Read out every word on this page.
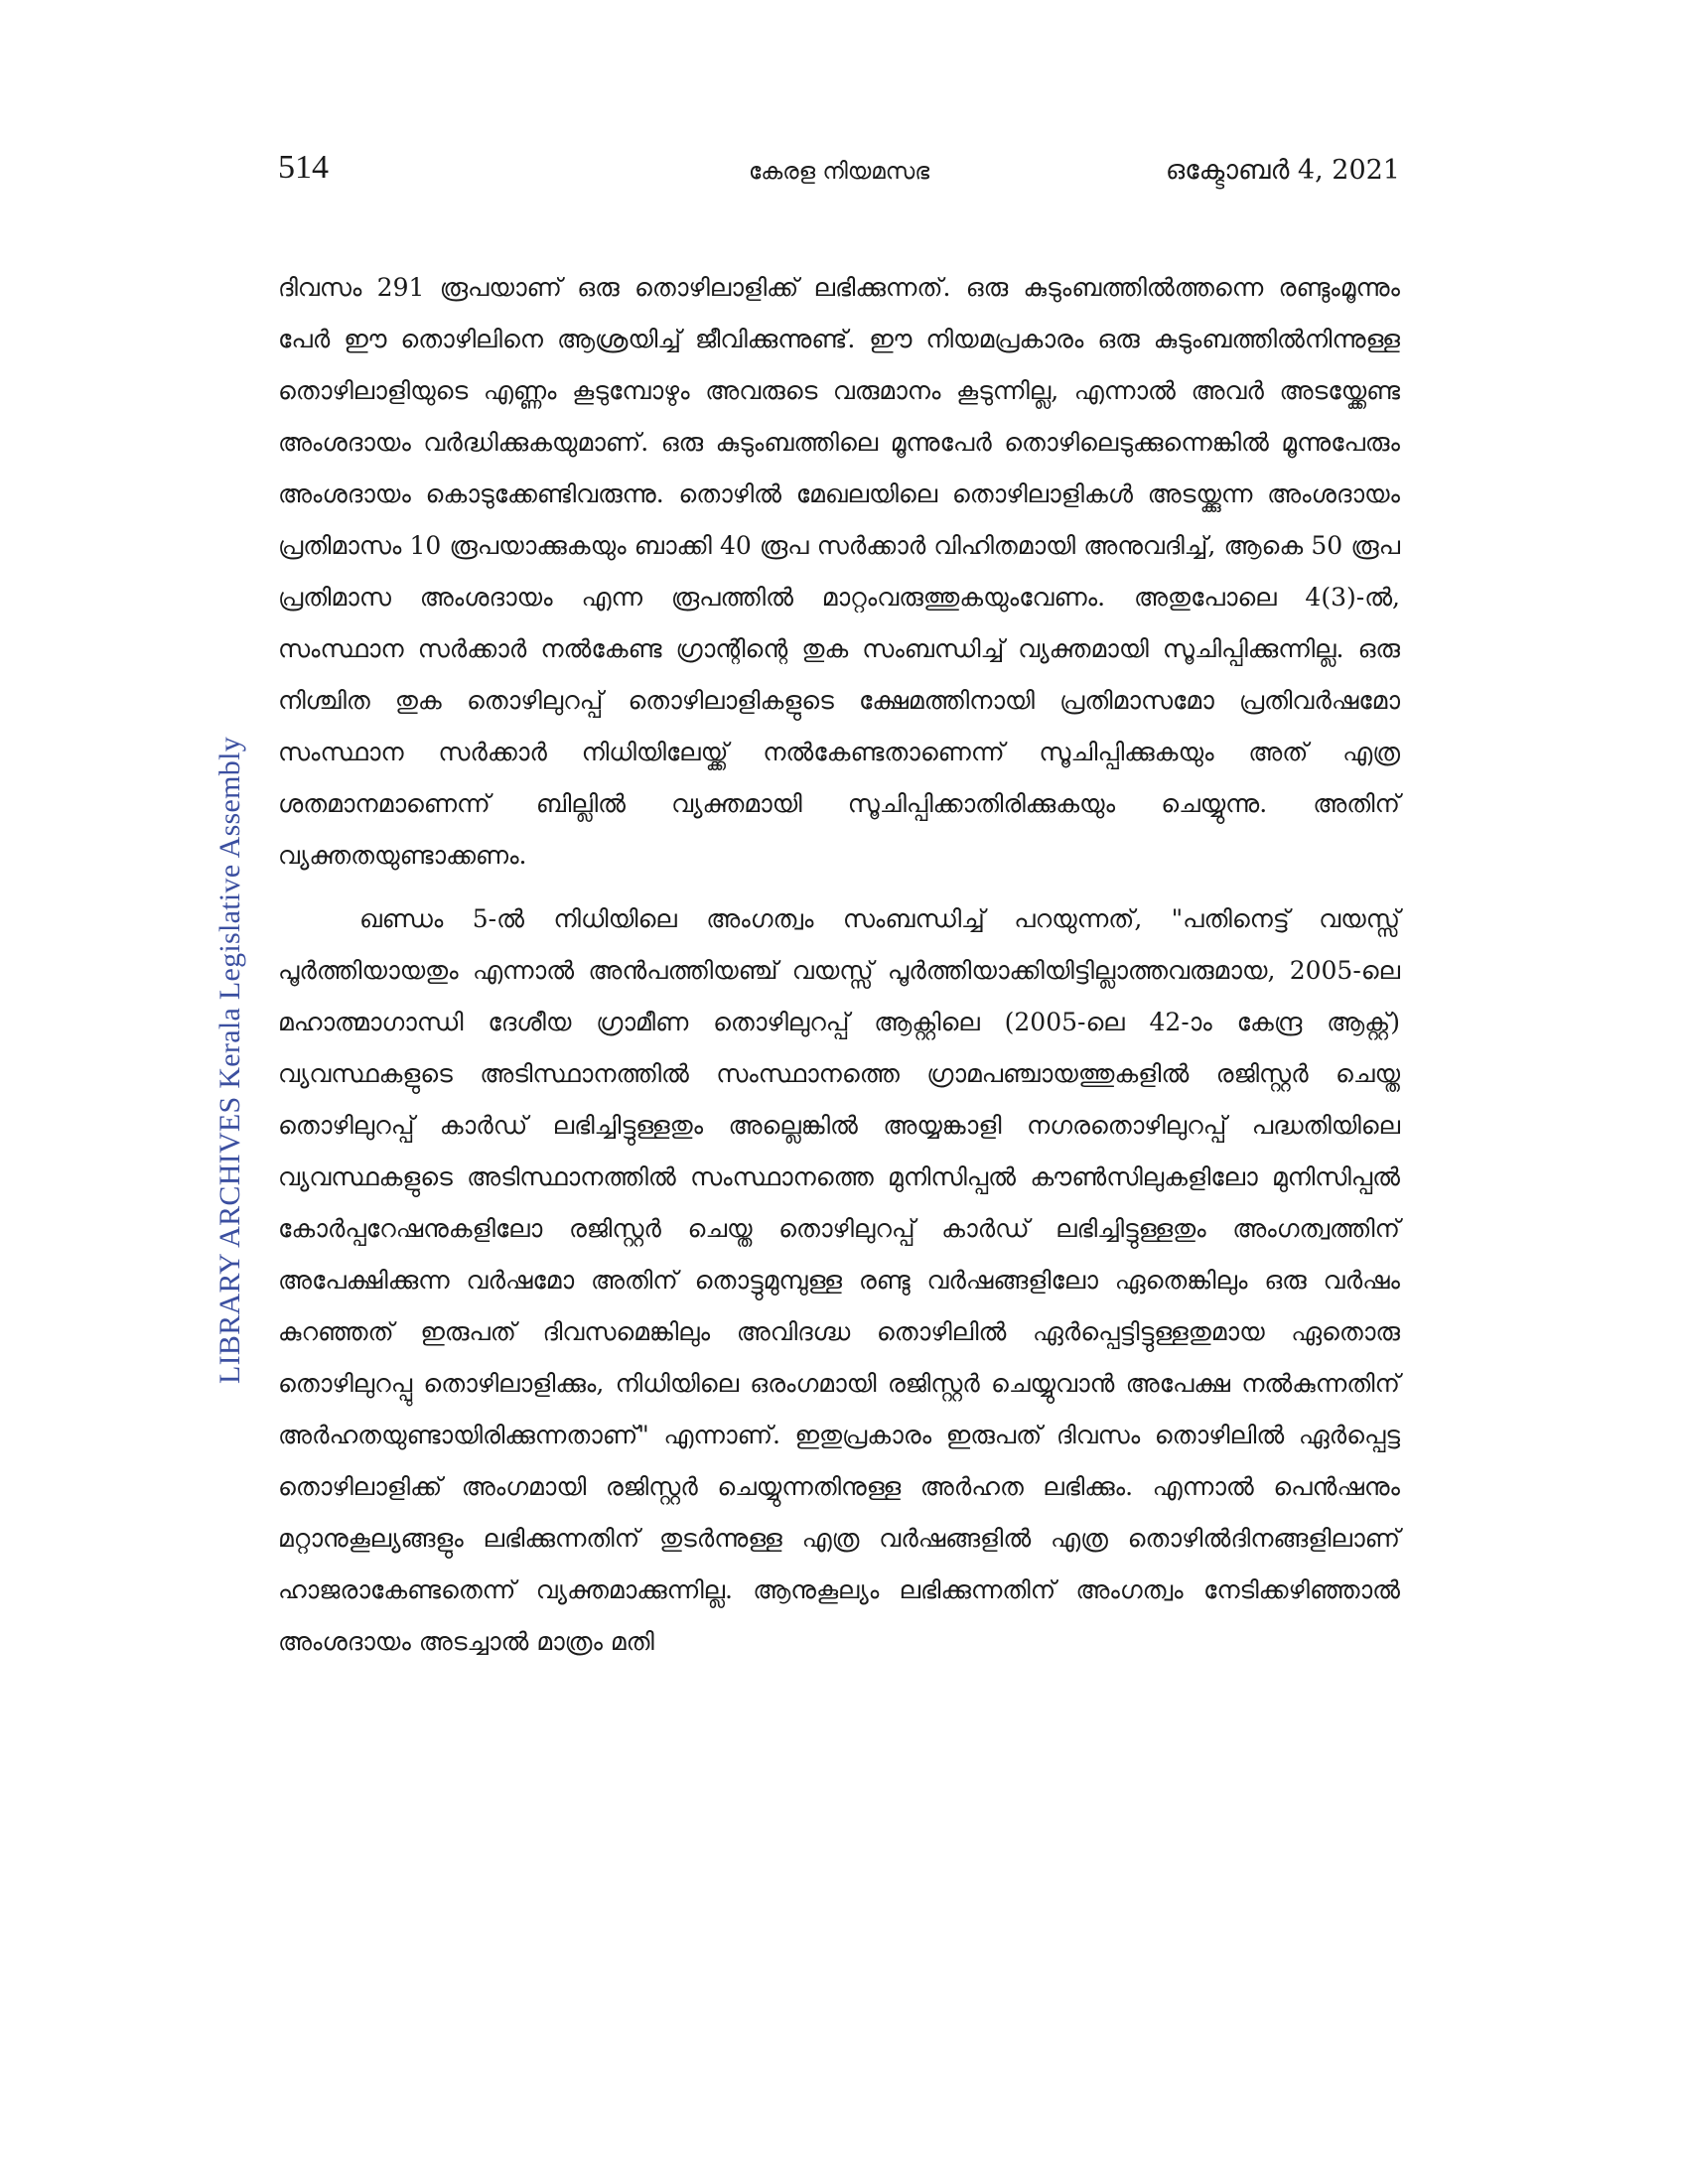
514	കേരള നിയമസഭ	ഒക്ടോബർ 4, 2021
LIBRARY ARCHIVES Kerala Legislative Assembly

ദിവസം 291 രൂപയാണ് ഒരു തൊഴിലാളിക്ക് ലഭിക്കുന്നത്. ഒരു കുടുംബത്തിൽത്തന്നെ രണ്ടുംമൂന്നും പേർ ഈ തൊഴിലിനെ ആശ്രയിച്ച് ജീവിക്കുന്നുണ്ട്. ഈ നിയമപ്രകാരം ഒരു കുടുംബത്തിൽനിന്നുള്ള തൊഴിലാളിയുടെ എണ്ണം കൂടുമ്പോഴും അവരുടെ വരുമാനം കൂടുന്നില്ല, എന്നാൽ അവർ അടയ്ക്കേണ്ട അംശദായം വർദ്ധിക്കുകയുമാണ്. ഒരു കുടുംബത്തിലെ മൂന്നുപേർ തൊഴിലെടുക്കുന്നെങ്കിൽ മൂന്നുപേരും അംശദായം കൊടുക്കേണ്ടിവരുന്നു. തൊഴിൽ മേഖലയിലെ തൊഴിലാളികൾ അടയ്ക്കുന്ന അംശദായം പ്രതിമാസം 10 രൂപയാക്കുകയും ബാക്കി 40 രൂപ സർക്കാർ വിഹിതമായി അനുവദിച്ച്, ആകെ 50 രൂപ പ്രതിമാസ അംശദായം എന്ന രൂപത്തിൽ മാറ്റംവരുത്തുകയുംവേണം. അതുപോലെ 4(3)-ൽ, സംസ്ഥാന സർക്കാർ നൽകേണ്ട ഗ്രാന്റിന്റെ തുക സംബന്ധിച്ച് വ്യക്തമായി സൂചിപ്പിക്കുന്നില്ല. ഒരു നിശ്ചിത തുക തൊഴിലുറപ്പ് തൊഴിലാളികളുടെ ക്ഷേമത്തിനായി പ്രതിമാസമോ പ്രതിവർഷമോ സംസ്ഥാന സർക്കാർ നിധിയിലേയ്ക്ക് നൽകേണ്ടതാണെന്ന് സൂചിപ്പിക്കുകയും അത് എത്ര ശതമാനമാണെന്ന് ബില്ലിൽ വ്യക്തമായി സൂചിപ്പിക്കാതിരിക്കുകയും ചെയ്യുന്നു. അതിന് വ്യക്തതയുണ്ടാക്കണം.

ഖണ്ഡം 5-ൽ നിധിയിലെ അംഗത്വം സംബന്ധിച്ച് പറയുന്നത്, "പതിനെട്ട് വയസ്സ് പൂർത്തിയായതും എന്നാൽ അൻപത്തിയഞ്ച് വയസ്സ് പൂർത്തിയാക്കിയിട്ടില്ലാത്തവരുമായ, 2005-ലെ മഹാത്മാഗാന്ധി ദേശീയ ഗ്രാമീണ തൊഴിലുറപ്പ് ആക്റ്റിലെ (2005-ലെ 42-ാം കേന്ദ്ര ആക്റ്റ്) വ്യവസ്ഥകളുടെ അടിസ്ഥാനത്തിൽ സംസ്ഥാനത്തെ ഗ്രാമപഞ്ചായത്തുകളിൽ രജിസ്റ്റർ ചെയ്ത തൊഴിലുറപ്പ് കാർഡ് ലഭിച്ചിട്ടുള്ളതും അല്ലെങ്കിൽ അയ്യങ്കാളി നഗരതൊഴിലുറപ്പ് പദ്ധതിയിലെ വ്യവസ്ഥകളുടെ അടിസ്ഥാനത്തിൽ സംസ്ഥാനത്തെ മുനിസിപ്പൽ കൗൺസിലുകളിലോ മുനിസിപ്പൽ കോർപ്പറേഷനുകളിലോ രജിസ്റ്റർ ചെയ്ത തൊഴിലുറപ്പ് കാർഡ് ലഭിച്ചിട്ടുള്ളതും അംഗത്വത്തിന് അപേക്ഷിക്കുന്ന വർഷമോ അതിന് തൊട്ടുമുമ്പുള്ള രണ്ടു വർഷങ്ങളിലോ ഏതെങ്കിലും ഒരു വർഷം കുറഞ്ഞത് ഇരുപത് ദിവസമെങ്കിലും അവിദഗ്ദ്ധ തൊഴിലിൽ ഏർപ്പെട്ടിട്ടുള്ളതുമായ ഏതൊരു തൊഴിലുറപ്പു തൊഴിലാളിക്കും, നിധിയിലെ ഒരംഗമായി രജിസ്റ്റർ ചെയ്യുവാൻ അപേക്ഷ നൽകുന്നതിന് അർഹതയുണ്ടായിരിക്കുന്നതാണ്" എന്നാണ്. ഇതുപ്രകാരം ഇരുപത് ദിവസം തൊഴിലിൽ ഏർപ്പെട്ട തൊഴിലാളിക്ക് അംഗമായി രജിസ്റ്റർ ചെയ്യുന്നതിനുള്ള അർഹത ലഭിക്കും. എന്നാൽ പെൻഷനും മറ്റാനുകൂല്യങ്ങളും ലഭിക്കുന്നതിന് തുടർന്നുള്ള എത്ര വർഷങ്ങളിൽ എത്ര തൊഴിൽദിനങ്ങളിലാണ് ഹാജരാകേണ്ടതെന്ന് വ്യക്തമാക്കുന്നില്ല. ആനുകൂല്യം ലഭിക്കുന്നതിന് അംഗത്വം നേടിക്കഴിഞ്ഞാൽ അംശദായം അടച്ചാൽ മാത്രം മതി
